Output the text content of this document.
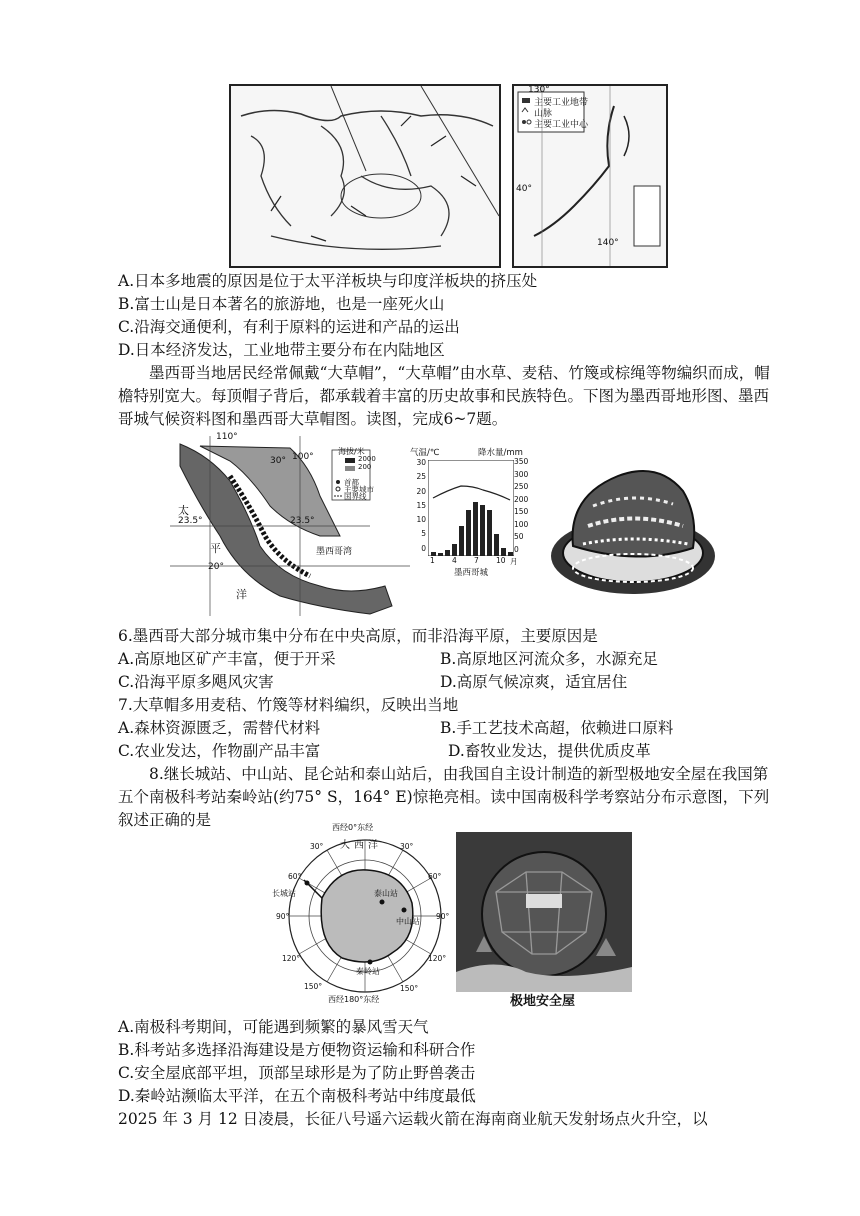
主要工业地带
山脉
主要工业中心
130°
140°
40°
A.日本多地震的原因是位于太平洋板块与印度洋板块的挤压处
B.富士山是日本著名的旅游地，也是一座死火山
C.沿海交通便利，有利于原料的运进和产品的运出
D.日本经济发达，工业地带主要分布在内陆地区
墨西哥当地居民经常佩戴“大草帽”，“大草帽”由水草、麦秸、竹篾或棕绳等物编织而成，帽檐特别宽大。每顶帽子背后，都承载着丰富的历史故事和民族特色。下图为墨西哥地形图、墨西哥城气候资料图和墨西哥大草帽图。读图，完成6~7题。
110°
30° 100°
23.5°	23.5°
太
平
洋
墨西哥湾
20°
海拔/米
2000
200
首都
主要城市
国界线
气温/℃	降水量/mm
30
25
20
15
10
5
0
350
300
250
200
150
100
50
0
1 4 7 10 月
墨西哥城
6.墨西哥大部分城市集中分布在中央高原，而非沿海平原，主要原因是
A.高原地区矿产丰富，便于开采	B.高原地区河流众多，水源充足
C.沿海平原多飓风灾害	D.高原气候凉爽，适宜居住
7.大草帽多用麦秸、竹篾等材料编织，反映出当地
A.森林资源匮乏，需替代材料	B.手工艺技术高超，依赖进口原料
C.农业发达，作物副产品丰富	D.畜牧业发达，提供优质皮革
8.继长城站、中山站、昆仑站和泰山站后，由我国自主设计制造的新型极地安全屋在我国第五个南极科考站秦岭站(约75° S，164° E)惊艳亮相。读中国南极科学考察站分布示意图，下列叙述正确的是	西经0°东经
西经180°东经
大西洋
30°	30°
60°	60°
90°	90°
120°	120°
150°	150°
长城站
中山站
泰山站
秦岭站
极地安全屋
A.南极科考期间，可能遇到频繁的暴风雪天气
B.科考站多选择沿海建设是方便物资运输和科研合作
C.安全屋底部平坦，顶部呈球形是为了防止野兽袭击
D.秦岭站濒临太平洋，在五个南极科考站中纬度最低
2025 年 3 月 12 日凌晨，长征八号遥六运载火箭在海南商业航天发射场点火升空，以
